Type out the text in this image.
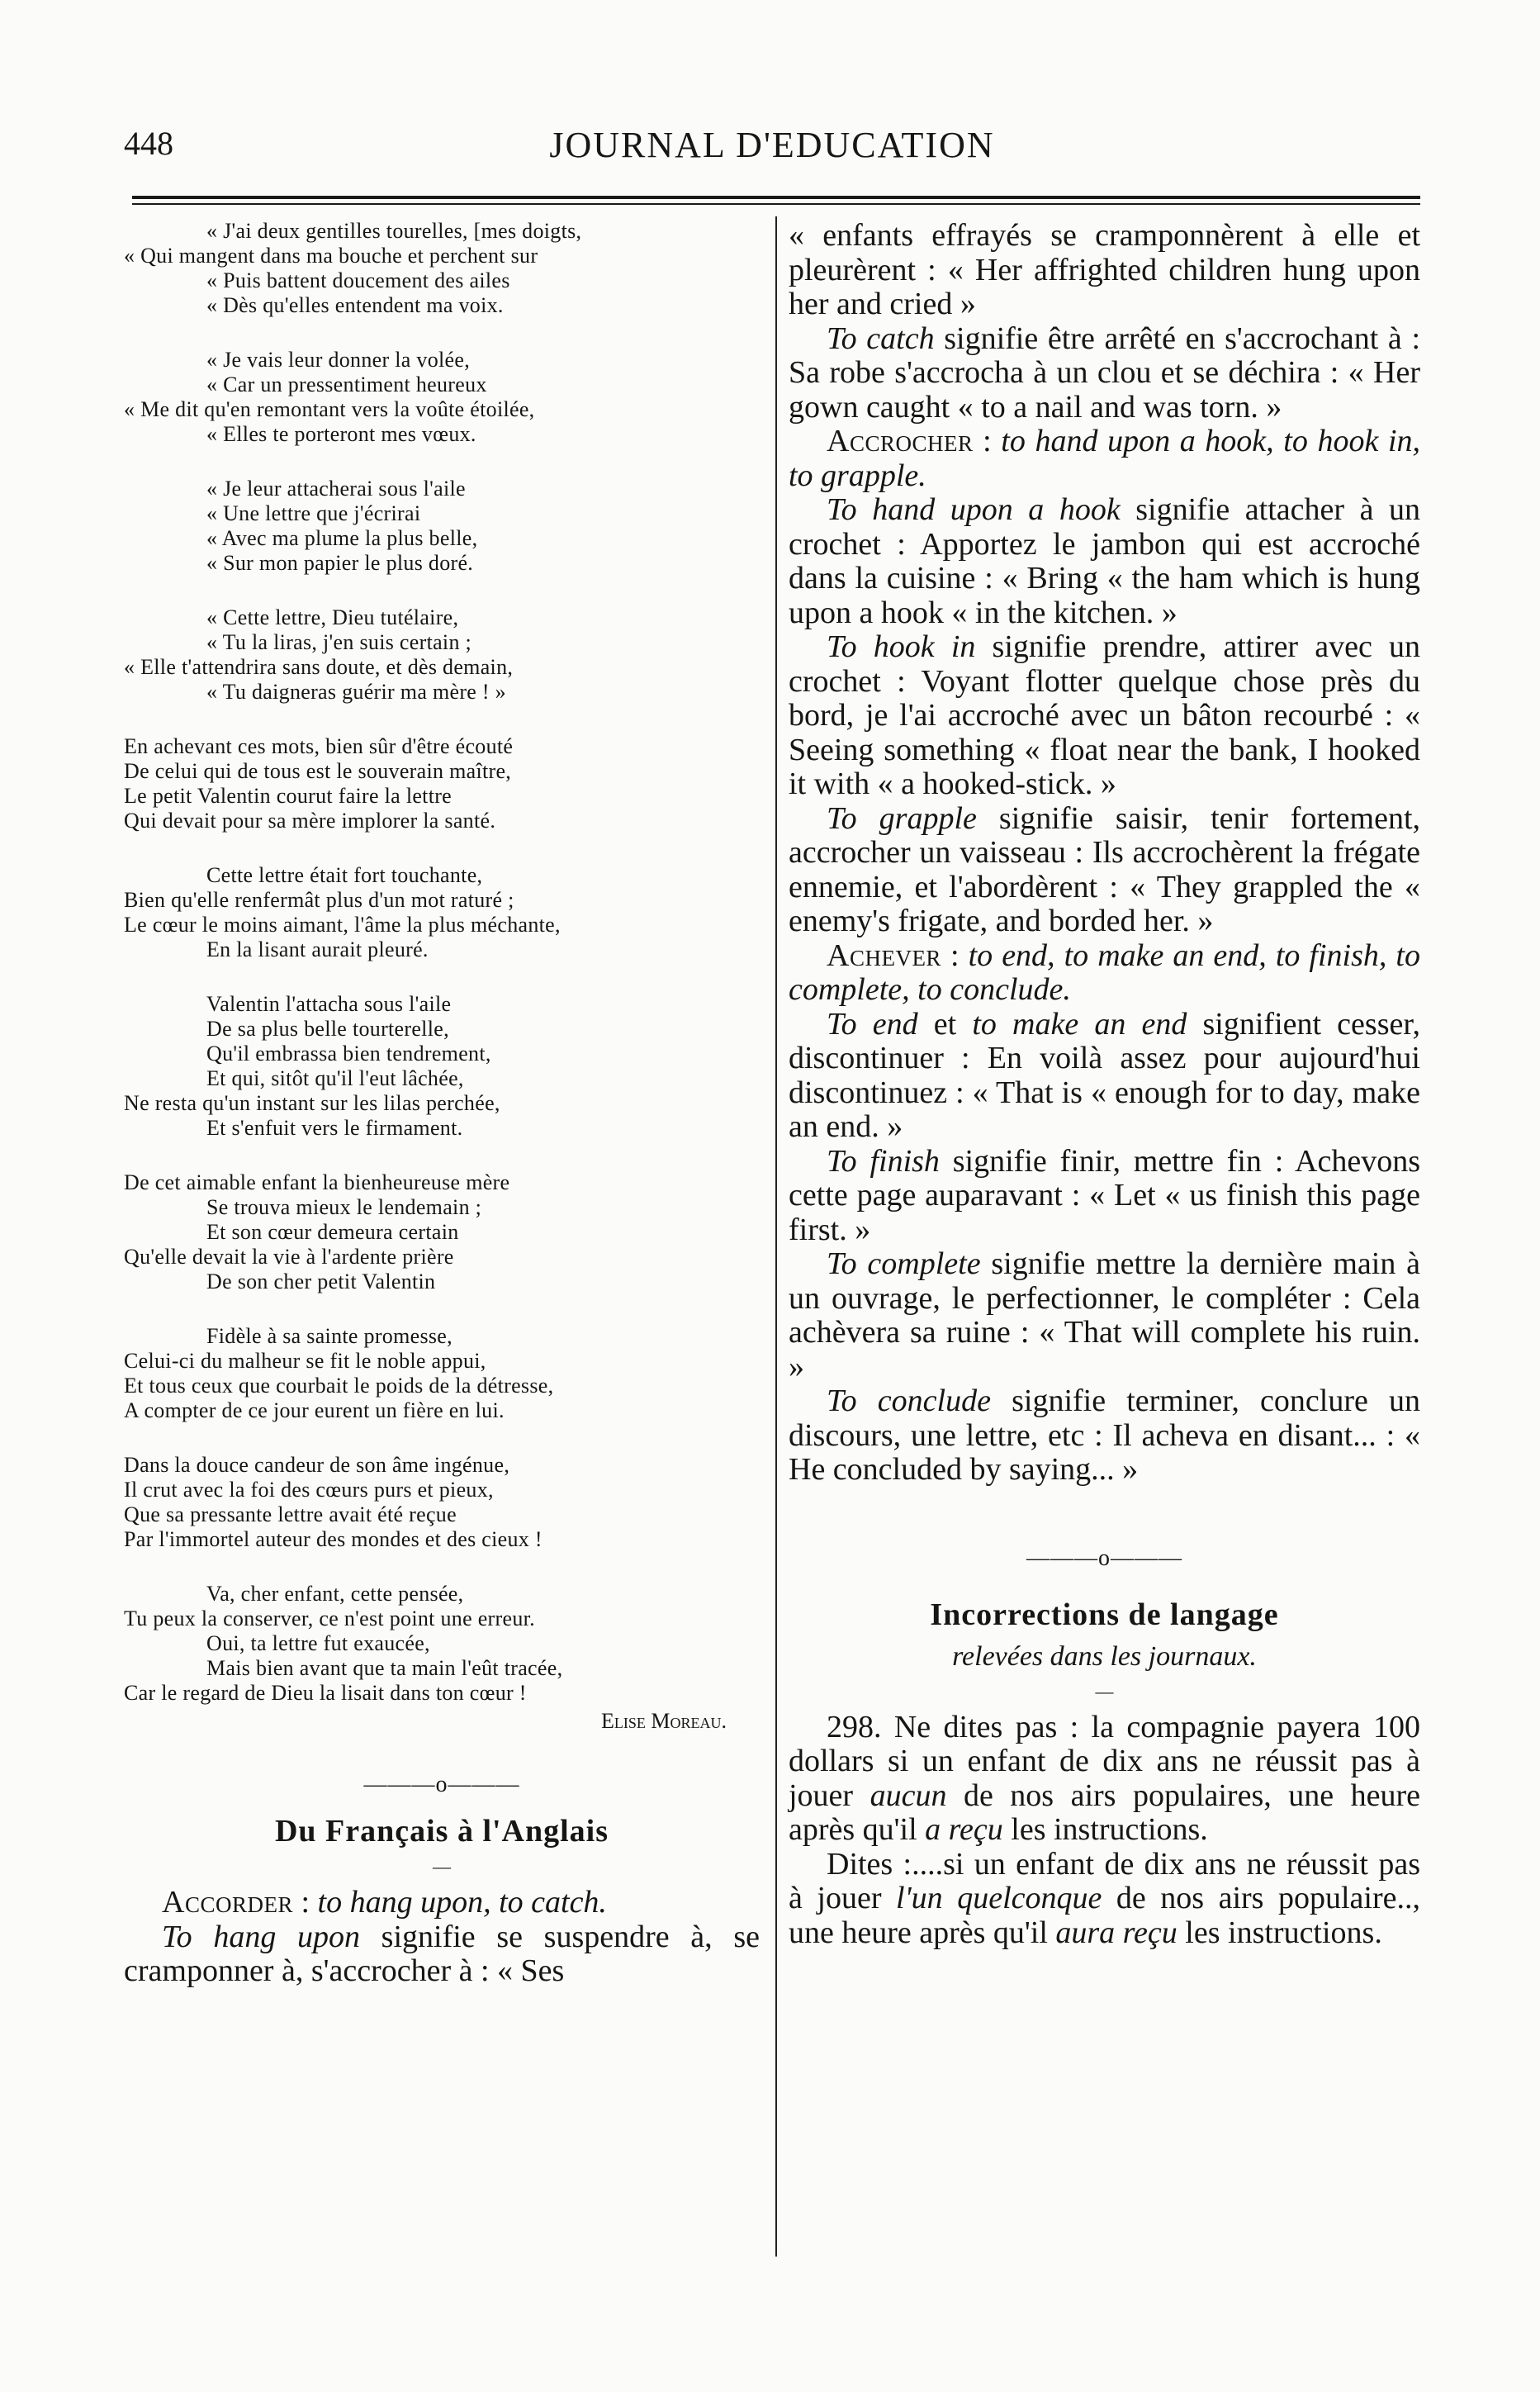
448	JOURNAL D'EDUCATION
« J'ai deux gentilles tourelles, [mes doigts,
« Qui mangent dans ma bouche et perchent sur
« Puis battent doucement des ailes
« Dès qu'elles entendent ma voix.
« Je vais leur donner la volée,
« Car un pressentiment heureux
« Me dit qu'en remontant vers la voûte étoilée,
« Elles te porteront mes vœux.
« Je leur attacherai sous l'aile
« Une lettre que j'écrirai
« Avec ma plume la plus belle,
« Sur mon papier le plus doré.
« Cette lettre, Dieu tutélaire,
« Tu la liras, j'en suis certain ;
« Elle t'attendrira sans doute, et dès demain,
« Tu daigneras guérir ma mère ! »
En achevant ces mots, bien sûr d'être écouté
De celui qui de tous est le souverain maître,
Le petit Valentin courut faire la lettre
Qui devait pour sa mère implorer la santé.
Cette lettre était fort touchante,
Bien qu'elle renfermât plus d'un mot raturé ;
Le cœur le moins aimant, l'âme la plus méchante,
En la lisant aurait pleuré.
Valentin l'attacha sous l'aile
De sa plus belle tourterelle,
Qu'il embrassa bien tendrement,
Et qui, sitôt qu'il l'eut lâchée,
Ne resta qu'un instant sur les lilas perchée,
Et s'enfuit vers le firmament.
De cet aimable enfant la bienheureuse mère
Se trouva mieux le lendemain ;
Et son cœur demeura certain
Qu'elle devait la vie à l'ardente prière
De son cher petit Valentin
Fidèle à sa sainte promesse,
Celui-ci du malheur se fit le noble appui,
Et tous ceux que courbait le poids de la détresse,
A compter de ce jour eurent un fière en lui.
Dans la douce candeur de son âme ingénue,
Il crut avec la foi des cœurs purs et pieux,
Que sa pressante lettre avait été reçue
Par l'immortel auteur des mondes et des cieux !
Va, cher enfant, cette pensée,
Tu peux la conserver, ce n'est point une erreur.
Oui, ta lettre fut exaucée,
Mais bien avant que ta main l'eût tracée,
Car le regard de Dieu la lisait dans ton cœur !
Elise Moreau.
———o———
Du Français à l'Anglais
—

Accorder : to hang upon, to catch.

To hang upon signifie se suspendre à, se cramponner à, s'accrocher à : « Ses

« enfants effrayés se cramponnèrent à elle et pleurèrent : « Her affrighted children hung upon her and cried »

To catch signifie être arrêté en s'accrochant à : Sa robe s'accrocha à un clou et se déchira : « Her gown caught « to a nail and was torn. »

Accrocher : to hand upon a hook, to hook in, to grapple.

To hand upon a hook signifie attacher à un crochet : Apportez le jambon qui est accroché dans la cuisine : « Bring « the ham which is hung upon a hook « in the kitchen. »

To hook in signifie prendre, attirer avec un crochet : Voyant flotter quelque chose près du bord, je l'ai accroché avec un bâton recourbé : « Seeing something « float near the bank, I hooked it with « a hooked-stick. »

To grapple signifie saisir, tenir fortement, accrocher un vaisseau : Ils accrochèrent la frégate ennemie, et l'abordèrent : « They grappled the « enemy's frigate, and borded her. »

Achever : to end, to make an end, to finish, to complete, to conclude.

To end et to make an end signifient cesser, discontinuer : En voilà assez pour aujourd'hui discontinuez : « That is « enough for to day, make an end. »

To finish signifie finir, mettre fin : Achevons cette page auparavant : « Let « us finish this page first. »

To complete signifie mettre la dernière main à un ouvrage, le perfectionner, le compléter : Cela achèvera sa ruine : « That will complete his ruin. »

To conclude signifie terminer, conclure un discours, une lettre, etc : Il acheva en disant... : « He concluded by saying... »

———o———
Incorrections de langage
relevées dans les journaux.
—

298. Ne dites pas : la compagnie payera 100 dollars si un enfant de dix ans ne réussit pas à jouer aucun de nos airs populaires, une heure après qu'il a reçu les instructions.

Dites :....si un enfant de dix ans ne réussit pas à jouer l'un quelconque de nos airs populaire.., une heure après qu'il aura reçu les instructions.
